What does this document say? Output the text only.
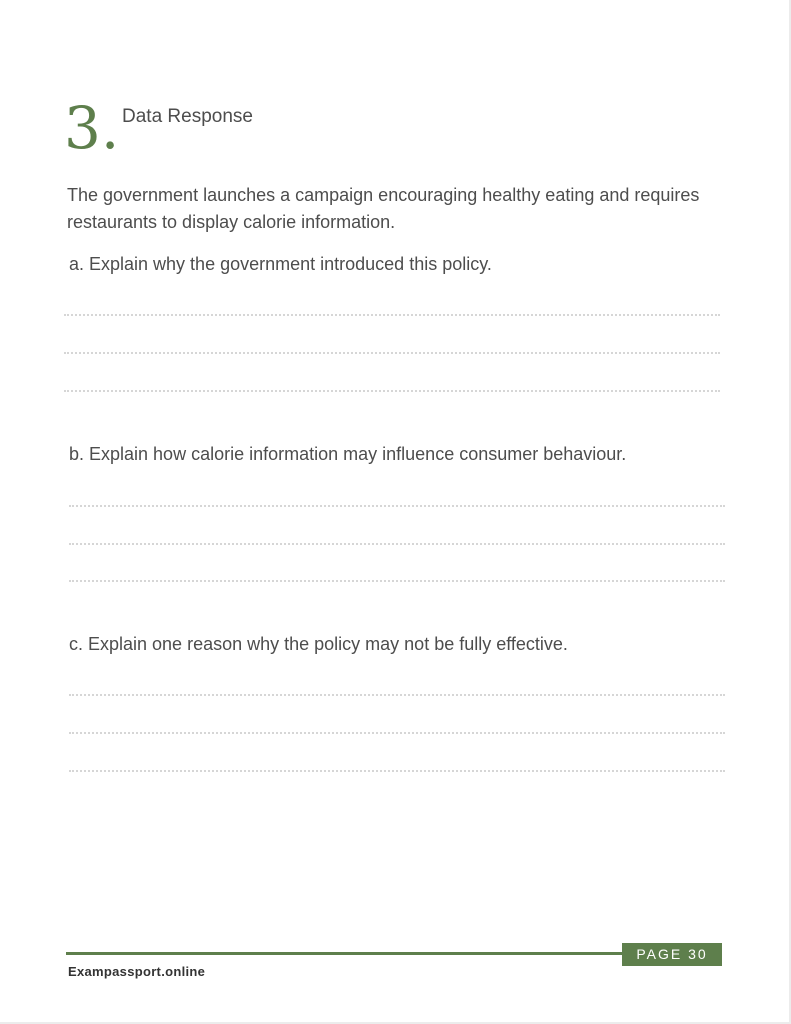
3. Data Response
The government launches a campaign encouraging healthy eating and requires restaurants to display calorie information.
a. Explain why the government introduced this policy.
b. Explain how calorie information may influence consumer behaviour.
c. Explain one reason why the policy may not be fully effective.
PAGE 30
Exampassport.online
